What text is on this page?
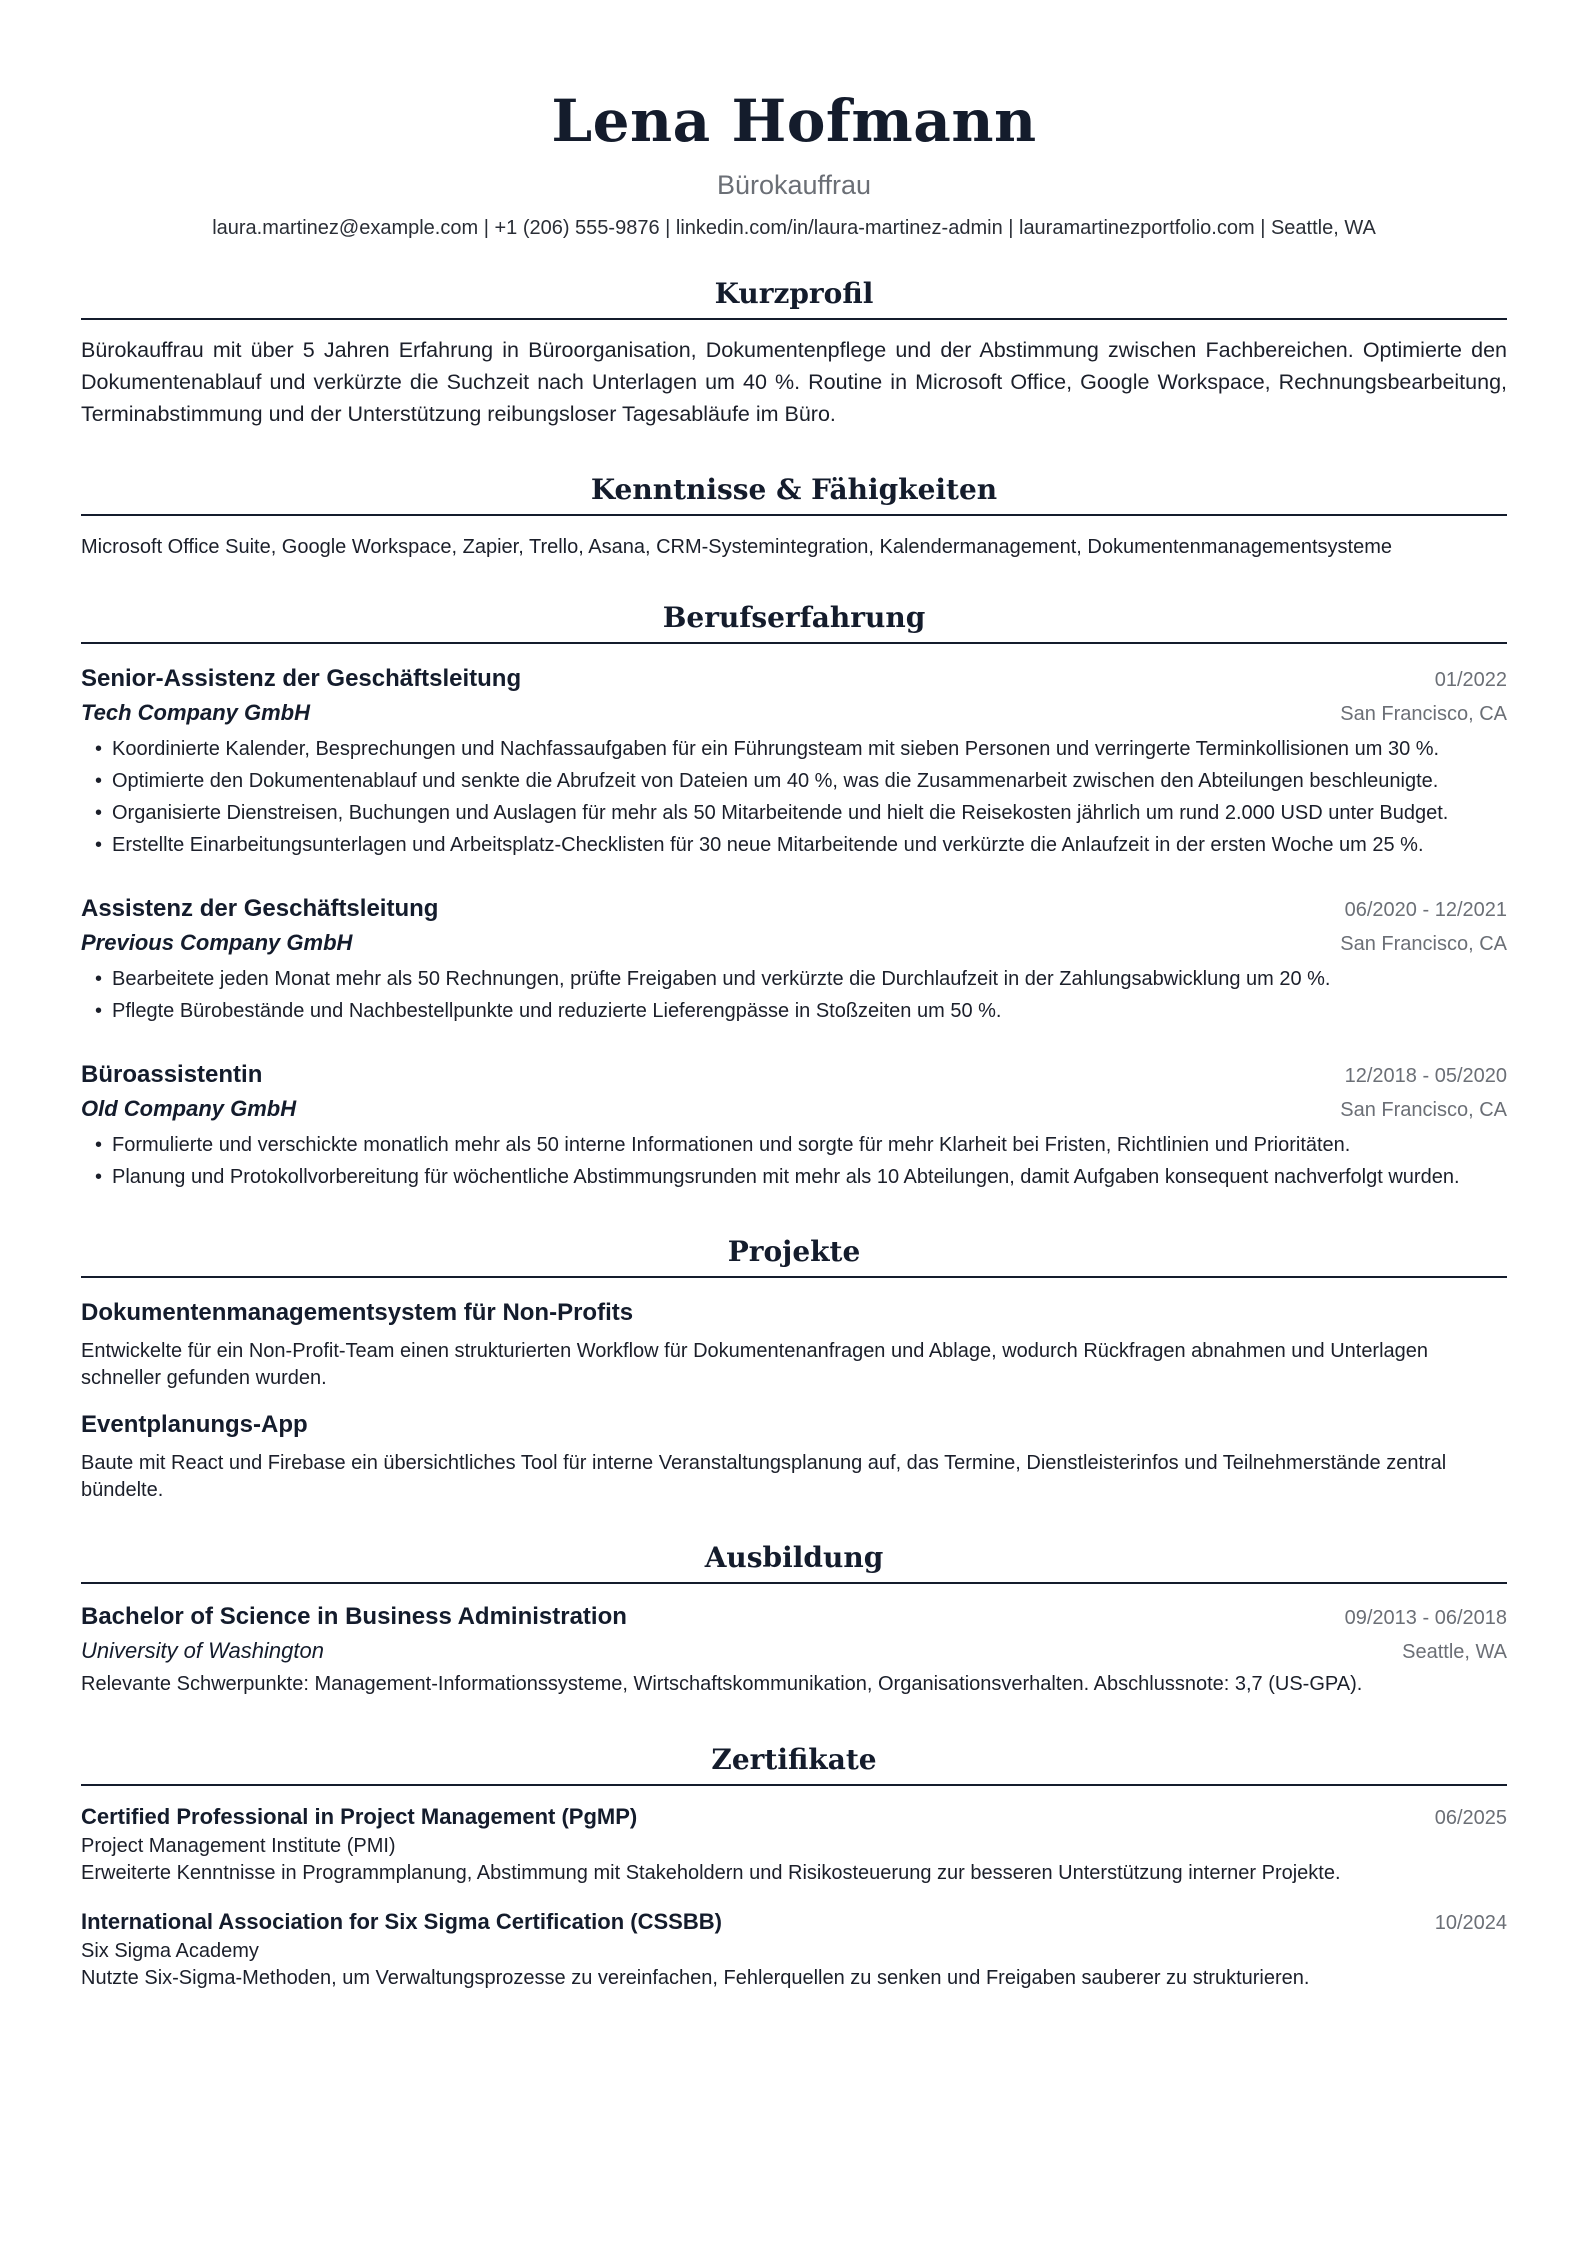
Lena Hofmann
Bürokauffrau
laura.martinez@example.com | +1 (206) 555-9876 | linkedin.com/in/laura-martinez-admin | lauramartinezportfolio.com | Seattle, WA
Kurzprofil
Bürokauffrau mit über 5 Jahren Erfahrung in Büroorganisation, Dokumentenpflege und der Abstimmung zwischen Fachbereichen. Optimierte den Dokumentenablauf und verkürzte die Suchzeit nach Unterlagen um 40 %. Routine in Microsoft Office, Google Workspace, Rechnungsbearbeitung, Terminabstimmung und der Unterstützung reibungsloser Tagesabläufe im Büro.
Kenntnisse & Fähigkeiten
Microsoft Office Suite, Google Workspace, Zapier, Trello, Asana, CRM-Systemintegration, Kalendermanagement, Dokumentenmanagementsysteme
Berufserfahrung
Senior-Assistenz der Geschäftsleitung	01/2022
Tech Company GmbH	San Francisco, CA
• Koordinierte Kalender, Besprechungen und Nachfassaufgaben für ein Führungsteam mit sieben Personen und verringerte Terminkollisionen um 30 %.
• Optimierte den Dokumentenablauf und senkte die Abrufzeit von Dateien um 40 %, was die Zusammenarbeit zwischen den Abteilungen beschleunigte.
• Organisierte Dienstreisen, Buchungen und Auslagen für mehr als 50 Mitarbeitende und hielt die Reisekosten jährlich um rund 2.000 USD unter Budget.
• Erstellte Einarbeitungsunterlagen und Arbeitsplatz-Checklisten für 30 neue Mitarbeitende und verkürzte die Anlaufzeit in der ersten Woche um 25 %.
Assistenz der Geschäftsleitung	06/2020 - 12/2021
Previous Company GmbH	San Francisco, CA
• Bearbeitete jeden Monat mehr als 50 Rechnungen, prüfte Freigaben und verkürzte die Durchlaufzeit in der Zahlungsabwicklung um 20 %.
• Pflegte Bürobestände und Nachbestellpunkte und reduzierte Lieferengpässe in Stoßzeiten um 50 %.
Büroassistentin	12/2018 - 05/2020
Old Company GmbH	San Francisco, CA
• Formulierte und verschickte monatlich mehr als 50 interne Informationen und sorgte für mehr Klarheit bei Fristen, Richtlinien und Prioritäten.
• Planung und Protokollvorbereitung für wöchentliche Abstimmungsrunden mit mehr als 10 Abteilungen, damit Aufgaben konsequent nachverfolgt wurden.
Projekte
Dokumentenmanagementsystem für Non-Profits
Entwickelte für ein Non-Profit-Team einen strukturierten Workflow für Dokumentenanfragen und Ablage, wodurch Rückfragen abnahmen und Unterlagen schneller gefunden wurden.
Eventplanungs-App
Baute mit React und Firebase ein übersichtliches Tool für interne Veranstaltungsplanung auf, das Termine, Dienstleisterinfos und Teilnehmerstände zentral bündelte.
Ausbildung
Bachelor of Science in Business Administration	09/2013 - 06/2018
University of Washington	Seattle, WA
Relevante Schwerpunkte: Management-Informationssysteme, Wirtschaftskommunikation, Organisationsverhalten. Abschlussnote: 3,7 (US-GPA).
Zertifikate
Certified Professional in Project Management (PgMP)	06/2025
Project Management Institute (PMI)
Erweiterte Kenntnisse in Programmplanung, Abstimmung mit Stakeholdern und Risikosteuerung zur besseren Unterstützung interner Projekte.
International Association for Six Sigma Certification (CSSBB)	10/2024
Six Sigma Academy
Nutzte Six-Sigma-Methoden, um Verwaltungsprozesse zu vereinfachen, Fehlerquellen zu senken und Freigaben sauberer zu strukturieren.
